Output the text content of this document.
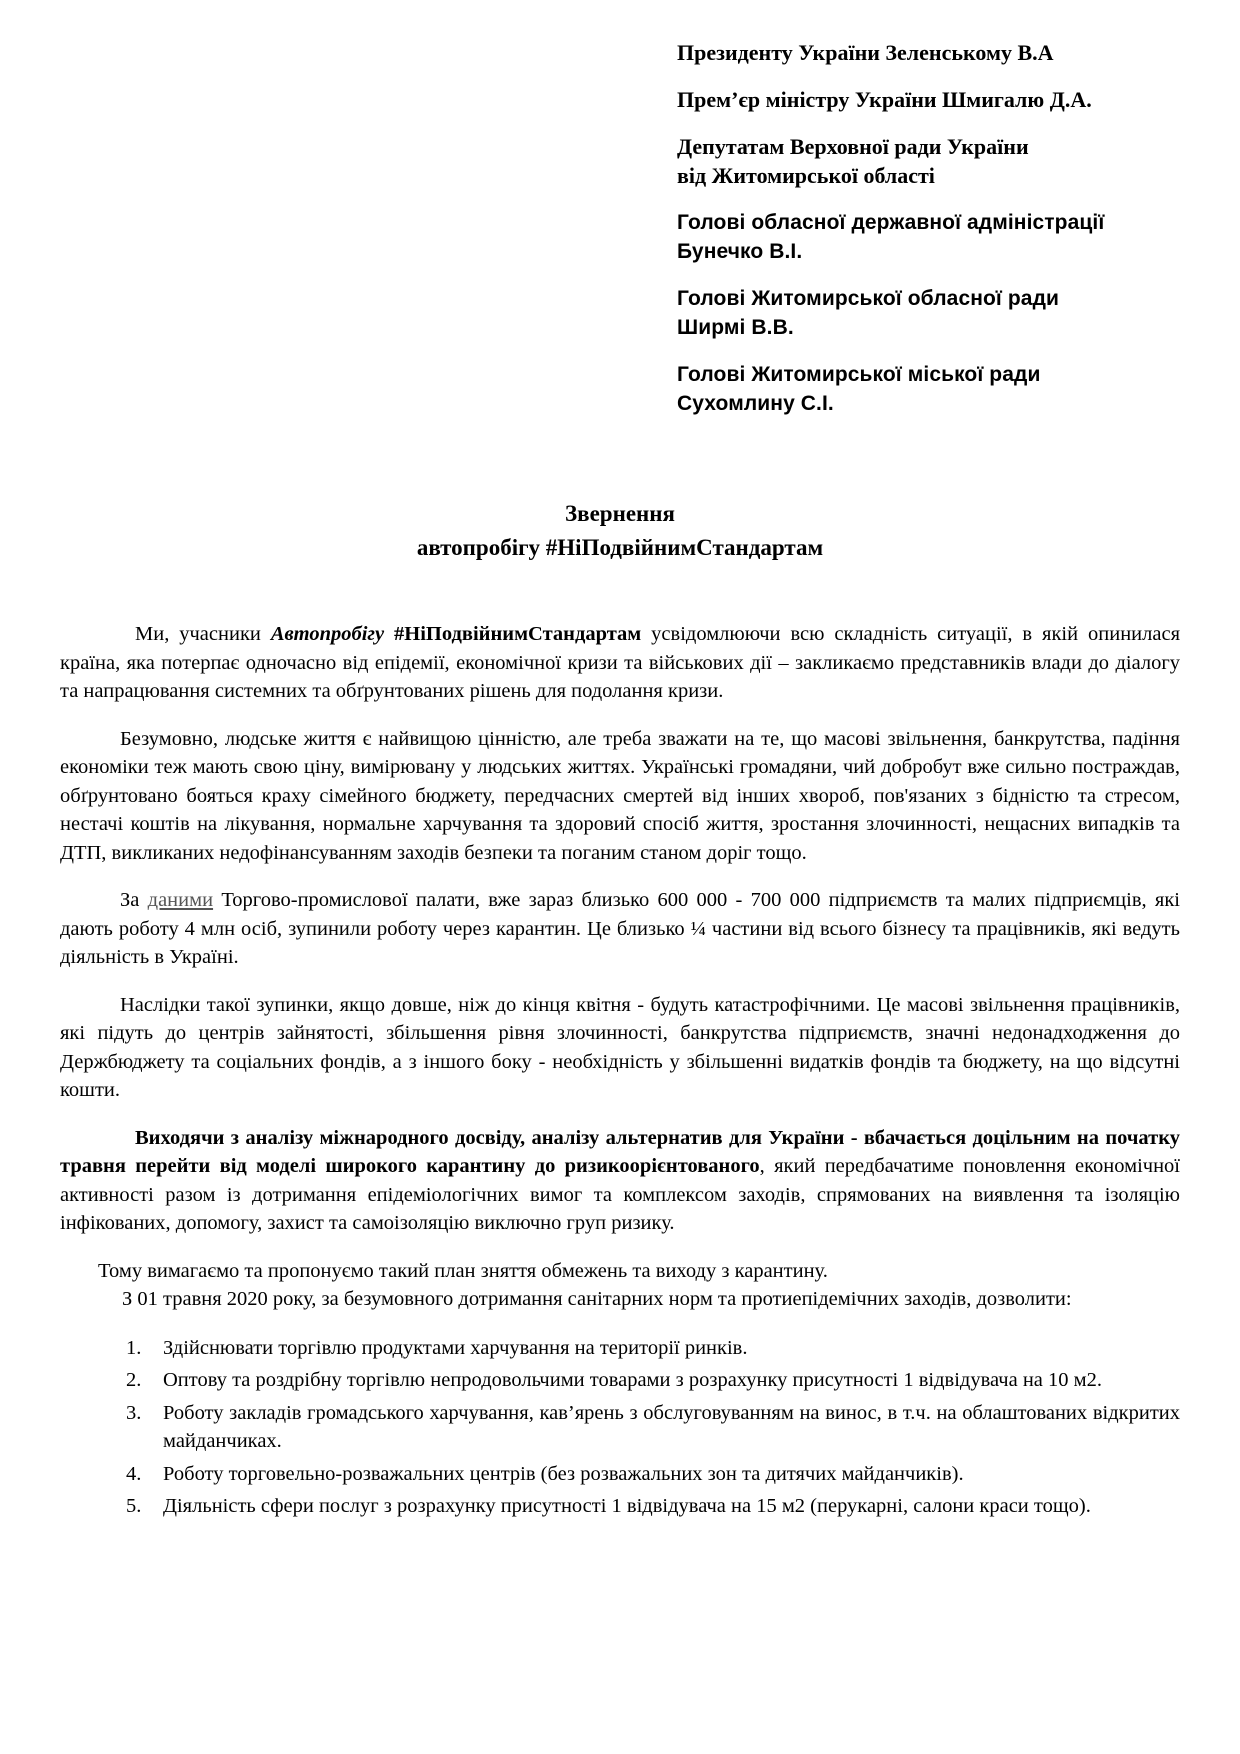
Президенту України Зеленському В.А
Прем’єр міністру України Шмигалю Д.А.
Депутатам Верховної ради України
від Житомирської області
Голові обласної державної адміністрації
Бунечко В.І.
Голові Житомирської обласної ради
Ширмі В.В.
Голові Житомирської міської ради
Сухомлину С.І.
Звернення
автопробігу #НіПодвійнимСтандартам

Ми, учасники Автопробігу #НіПодвійнимСтандартам усвідомлюючи всю складність ситуації, в якій опинилася країна, яка потерпає одночасно від епідемії, економічної кризи та військових дії – закликаємо представників влади до діалогу та напрацювання системних та обґрунтованих рішень для подолання кризи.

Безумовно, людське життя є найвищою цінністю, але треба зважати на те, що масові звільнення, банкрутства, падіння економіки теж мають свою ціну, вимірювану у людських життях. Українські громадяни, чий добробут вже сильно постраждав, обґрунтовано бояться краху сімейного бюджету, передчасних смертей від інших хвороб, пов'язаних з бідністю та стресом, нестачі коштів на лікування, нормальне харчування та здоровий спосіб життя, зростання злочинності, нещасних випадків та ДТП, викликаних недофінансуванням заходів безпеки та поганим станом доріг тощо.

За даними Торгово-промислової палати, вже зараз близько 600 000 - 700 000 підприємств та малих підприємців, які дають роботу 4 млн осіб, зупинили роботу через карантин. Це близько ¼ частини від всього бізнесу та працівників, які ведуть діяльність в Україні.

Наслідки такої зупинки, якщо довше, ніж до кінця квітня - будуть катастрофічними. Це масові звільнення працівників, які підуть до центрів зайнятості, збільшення рівня злочинності, банкрутства підприємств, значні недонадходження до Держбюджету та соціальних фондів, а з іншого боку - необхідність у збільшенні видатків фондів та бюджету, на що відсутні кошти.

Виходячи з аналізу міжнародного досвіду, аналізу альтернатив для України - вбачається доцільним на початку травня перейти від моделі широкого карантину до ризикоорієнтованого, який передбачатиме поновлення економічної активності разом із дотримання епідеміологічних вимог та комплексом заходів, спрямованих на виявлення та ізоляцію інфікованих, допомогу, захист та самоізоляцію виключно груп ризику.

Тому вимагаємо та пропонуємо такий план зняття обмежень та виходу з карантину.

З 01 травня 2020 року, за безумовного дотримання санітарних норм та протиепідемічних заходів, дозволити:

1. Здійснювати торгівлю продуктами харчування на території ринків.
2. Оптову та роздрібну торгівлю непродовольчими товарами з розрахунку присутності 1 відвідувача на 10 м2.
3. Роботу закладів громадського харчування, кав’ярень з обслуговуванням на винос, в т.ч. на облаштованих відкритих майданчиках.
4. Роботу торговельно-розважальних центрів (без розважальних зон та дитячих майданчиків).
5. Діяльність сфери послуг з розрахунку присутності 1 відвідувача на 15 м2 (перукарні, салони краси тощо).
